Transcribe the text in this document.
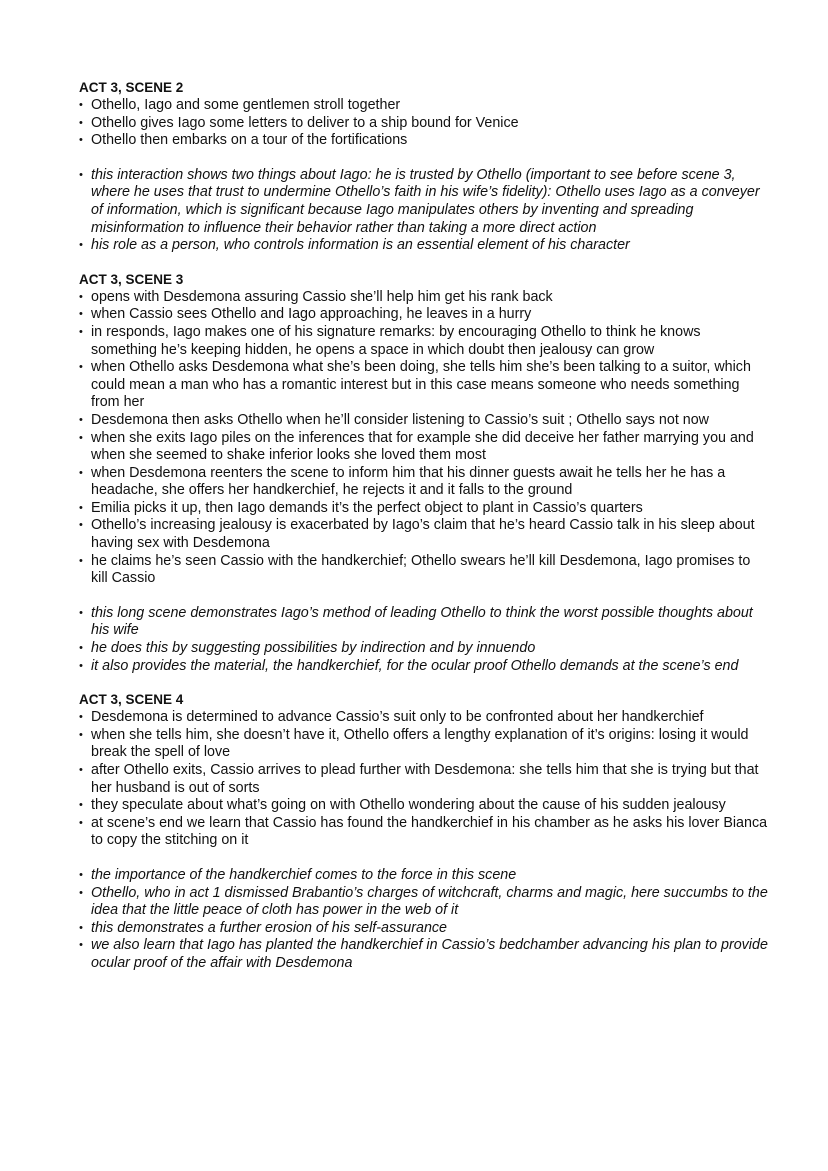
ACT 3, SCENE 2
• Othello, Iago and some gentlemen stroll together
• Othello gives Iago some letters to deliver to a ship bound for Venice
• Othello then embarks on a tour of the fortifications
• this interaction shows two things about Iago: he is trusted by Othello (important to see before scene 3, where he uses that trust to undermine Othello’s faith in his wife’s fidelity): Othello uses Iago as a conveyer of information, which is significant because Iago manipulates others by inventing and spreading misinformation to influence their behavior rather than taking a more direct action
• his role as a person, who controls information is an essential element of his character
ACT 3, SCENE 3
• opens with Desdemona assuring Cassio she’ll help him get his rank back
• when Cassio sees Othello and Iago approaching, he leaves in a hurry
• in responds, Iago makes one of his signature remarks: by encouraging Othello to think he knows something he’s keeping hidden, he opens a space in which doubt then jealousy can grow
• when Othello asks Desdemona what she’s been doing, she tells him she’s been talking to a suitor, which could mean a man who has a romantic interest but in this case means someone who needs something from her
• Desdemona then asks Othello when he’ll consider listening to Cassio’s suit ; Othello says not now
• when she exits Iago piles on the inferences that for example she did deceive her father marrying you and when she seemed to shake inferior looks she loved them most
• when Desdemona reenters the scene to inform him that his dinner guests await he tells her he has a headache, she offers her handkerchief, he rejects it and it falls to the ground
• Emilia picks it up, then Iago demands it’s the perfect object to plant in Cassio’s quarters
• Othello’s increasing jealousy is exacerbated by Iago’s claim that he’s heard Cassio talk in his sleep about having sex with Desdemona
• he claims he’s seen Cassio with the handkerchief; Othello swears he’ll kill Desdemona, Iago promises to kill Cassio
• this long scene demonstrates Iago’s method of leading Othello to think the worst possible thoughts about his wife
• he does this by suggesting possibilities by indirection and by innuendo
• it also provides the material, the handkerchief, for the ocular proof Othello demands at the scene’s end
ACT 3, SCENE 4
• Desdemona is determined to advance Cassio’s suit only to be confronted about her handkerchief
• when she tells him, she doesn’t have it, Othello offers a lengthy explanation of it’s origins: losing it would break the spell of love
• after Othello exits, Cassio arrives to plead further with Desdemona: she tells him that she is trying but that her husband is out of sorts
• they speculate about what’s going on with Othello wondering about the cause of his sudden jealousy
• at scene’s end we learn that Cassio has found the handkerchief in his chamber as he asks his lover Bianca to copy the stitching on it
• the importance of the handkerchief comes to the force in this scene
• Othello, who in act 1 dismissed Brabantio’s charges of witchcraft, charms and magic, here succumbs to the idea that the little peace of cloth has power in the web of it
• this demonstrates a further erosion of his self-assurance
• we also learn that Iago has planted the handkerchief in Cassio’s bedchamber advancing his plan to provide ocular proof of the affair with Desdemona
